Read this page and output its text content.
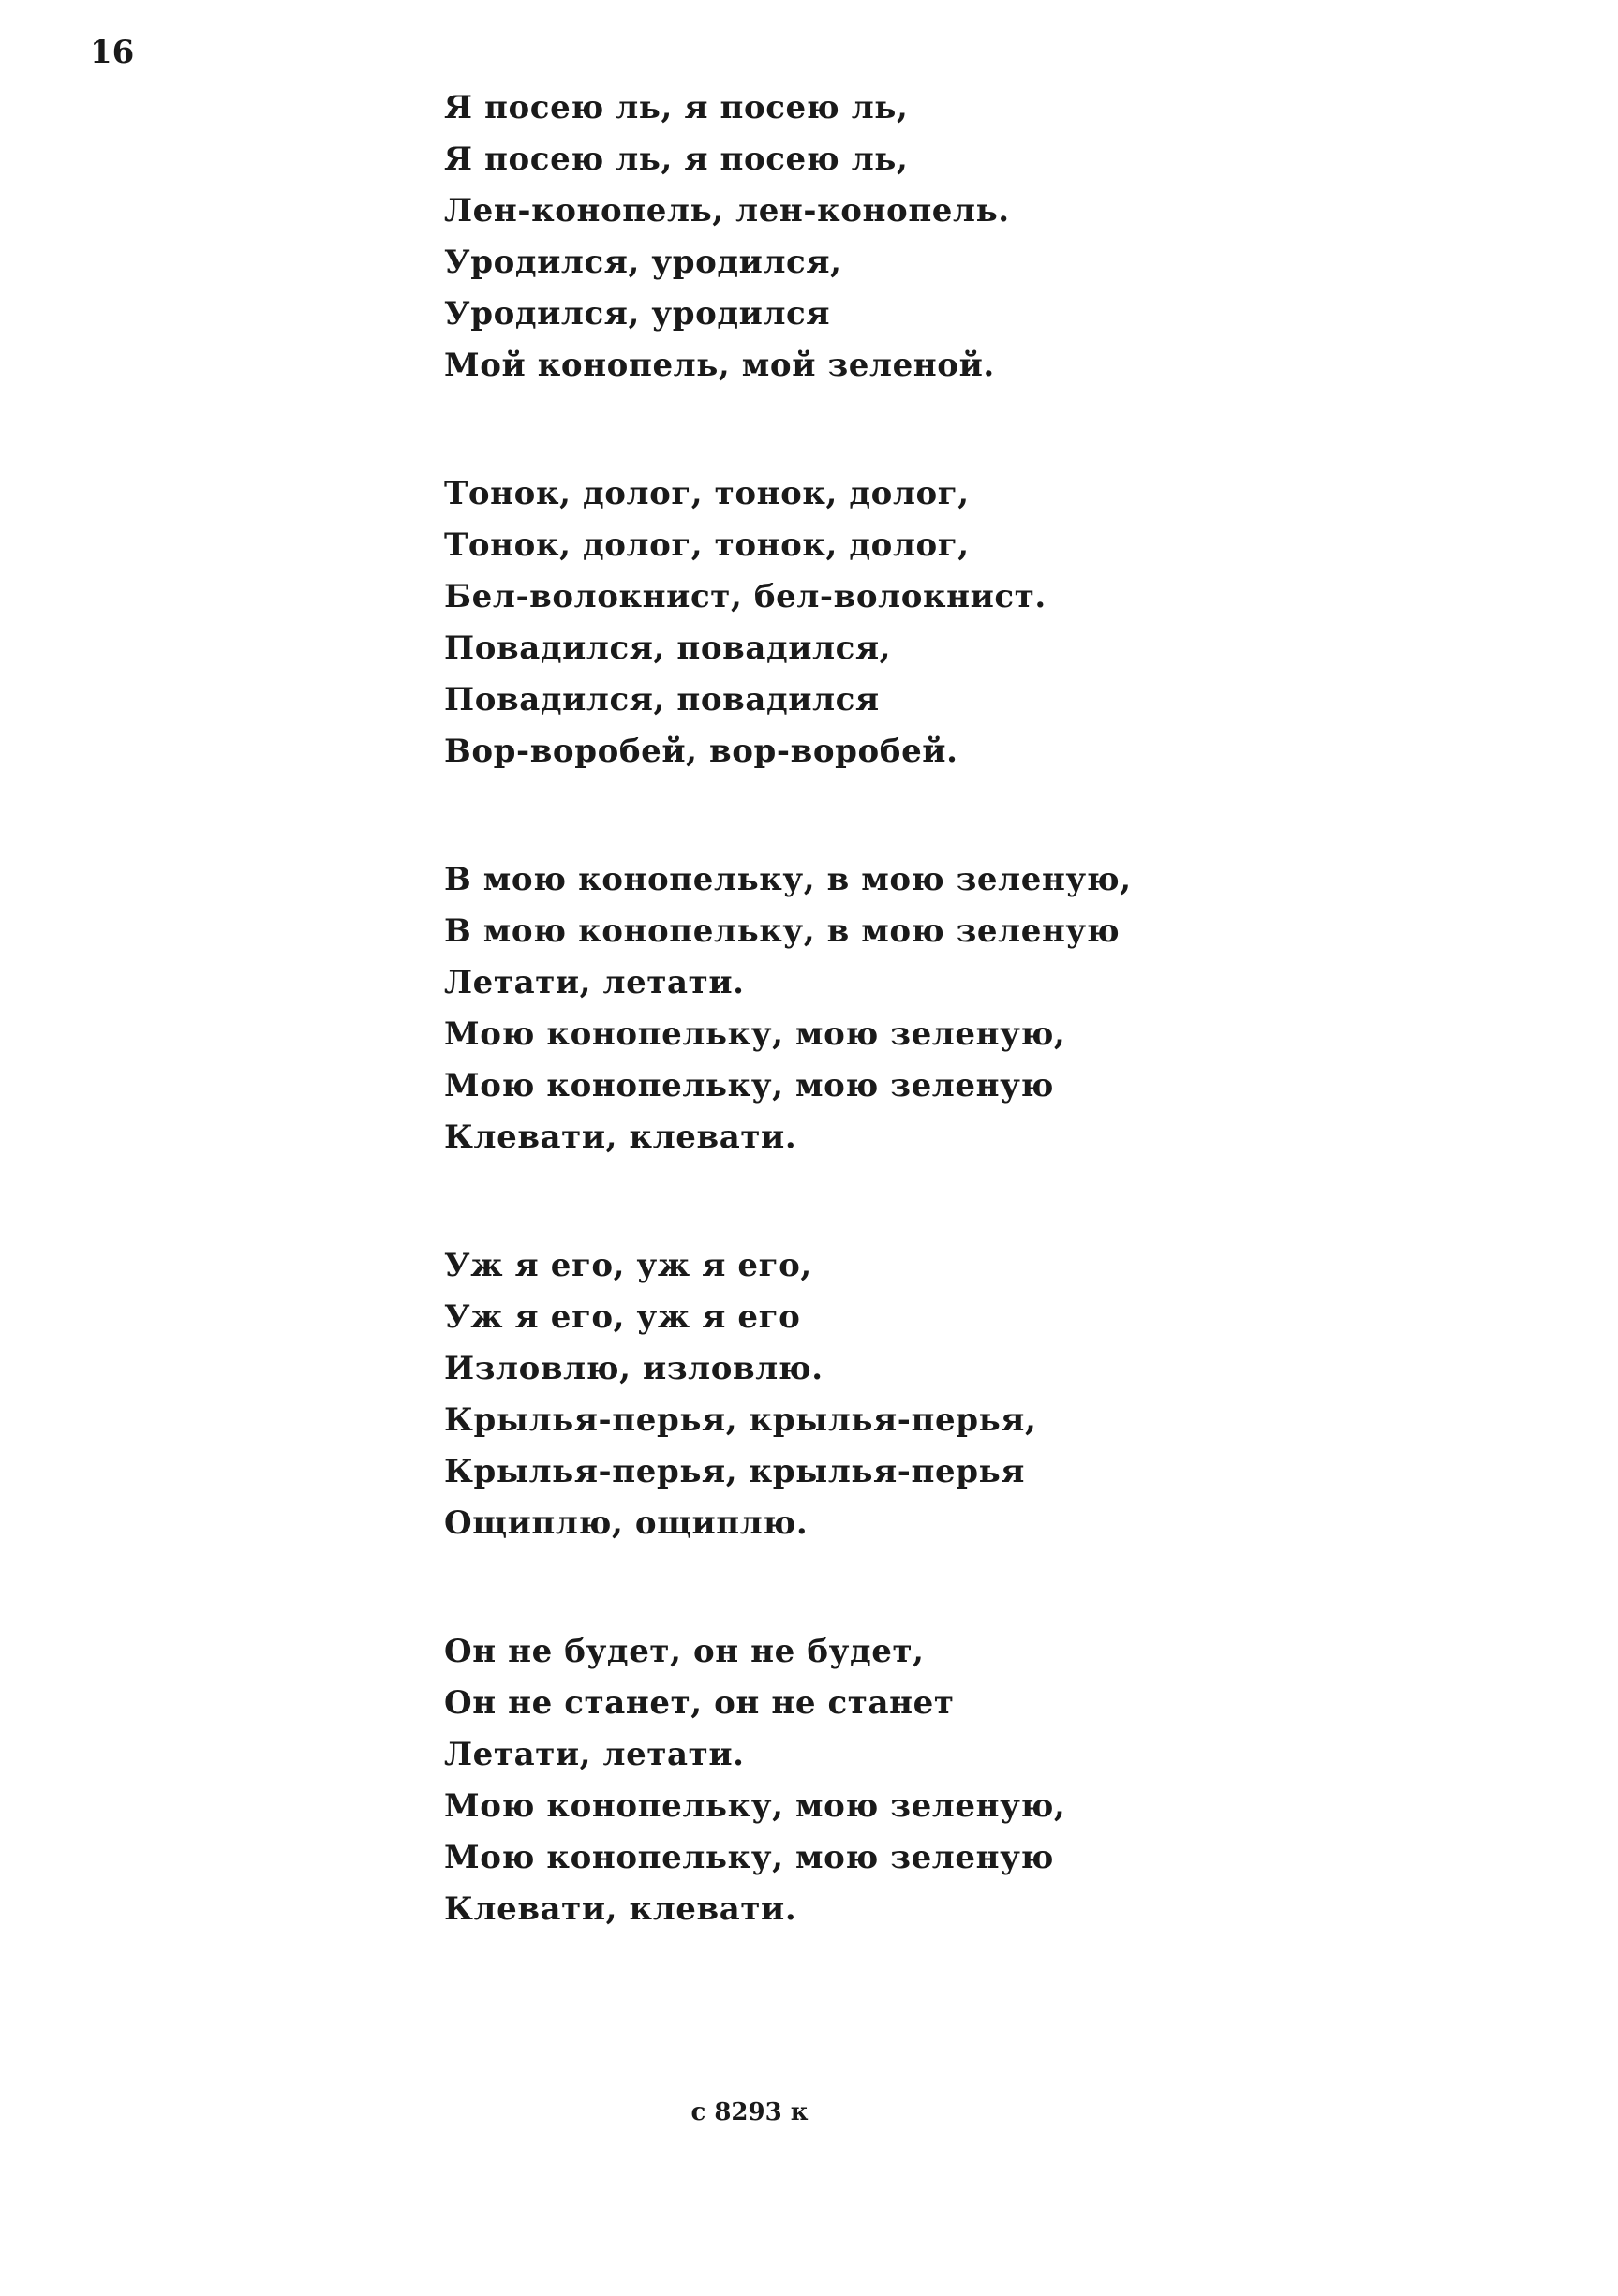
16
Я посею ль, я посею ль,
Я посею ль, я посею ль,
Лен-конопель, лен-конопель.
Уродился, уродился,
Уродился, уродился
Мой конопель, мой зеленой.
Тонок, долог, тонок, долог,
Тонок, долог, тонок, долог,
Бел-волокнист, бел-волокнист.
Повадился, повадился,
Повадился, повадился
Вор-воробей, вор-воробей.
В мою конопельку, в мою зеленую,
В мою конопельку, в мою зеленую
Летати, летати.
Мою конопельку, мою зеленую,
Мою конопельку, мою зеленую
Клевати, клевати.
Уж я его, уж я его,
Уж я его, уж я его
Изловлю, изловлю.
Крылья-перья, крылья-перья,
Крылья-перья, крылья-перья
Ощиплю, ощиплю.
Он не будет, он не будет,
Он не станет, он не станет
Летати, летати.
Мою конопельку, мою зеленую,
Мою конопельку, мою зеленую
Клевати, клевати.
c 8293 к
